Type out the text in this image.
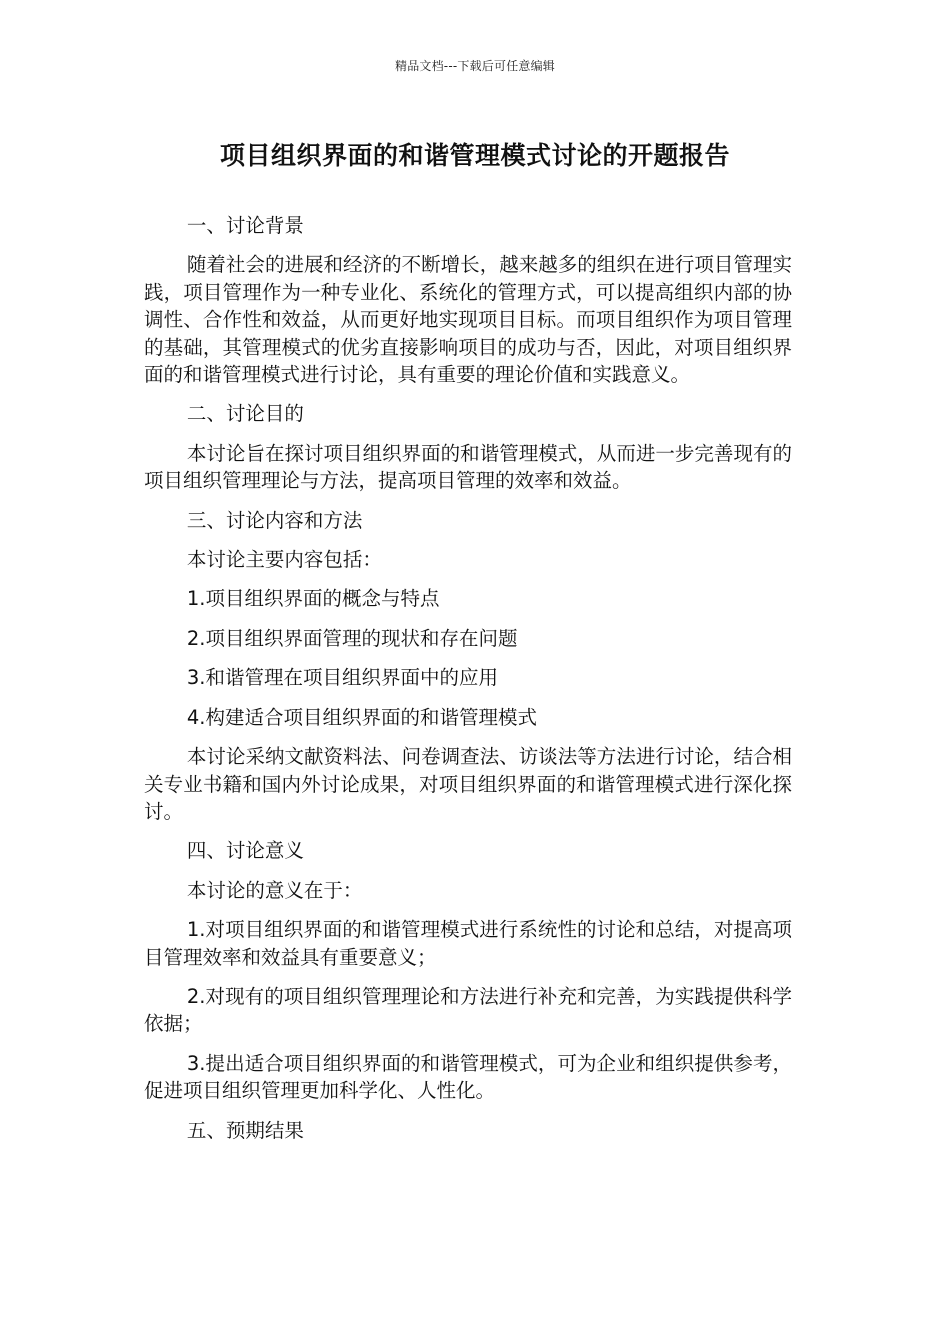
精品文档---下载后可任意编辑
项目组织界面的和谐管理模式讨论的开题报告

一、讨论背景

随着社会的进展和经济的不断增长，越来越多的组织在进行项目管理实践，项目管理作为一种专业化、系统化的管理方式，可以提高组织内部的协调性、合作性和效益，从而更好地实现项目目标。而项目组织作为项目管理的基础，其管理模式的优劣直接影响项目的成功与否，因此，对项目组织界面的和谐管理模式进行讨论，具有重要的理论价值和实践意义。

二、讨论目的

本讨论旨在探讨项目组织界面的和谐管理模式，从而进一步完善现有的项目组织管理理论与方法，提高项目管理的效率和效益。

三、讨论内容和方法

本讨论主要内容包括：

1.项目组织界面的概念与特点

2.项目组织界面管理的现状和存在问题

3.和谐管理在项目组织界面中的应用

4.构建适合项目组织界面的和谐管理模式

本讨论采纳文献资料法、问卷调查法、访谈法等方法进行讨论，结合相关专业书籍和国内外讨论成果，对项目组织界面的和谐管理模式进行深化探讨。

四、讨论意义

本讨论的意义在于：

1.对项目组织界面的和谐管理模式进行系统性的讨论和总结，对提高项目管理效率和效益具有重要意义；

2.对现有的项目组织管理理论和方法进行补充和完善，为实践提供科学依据；

3.提出适合项目组织界面的和谐管理模式，可为企业和组织提供参考，促进项目组织管理更加科学化、人性化。

五、预期结果
